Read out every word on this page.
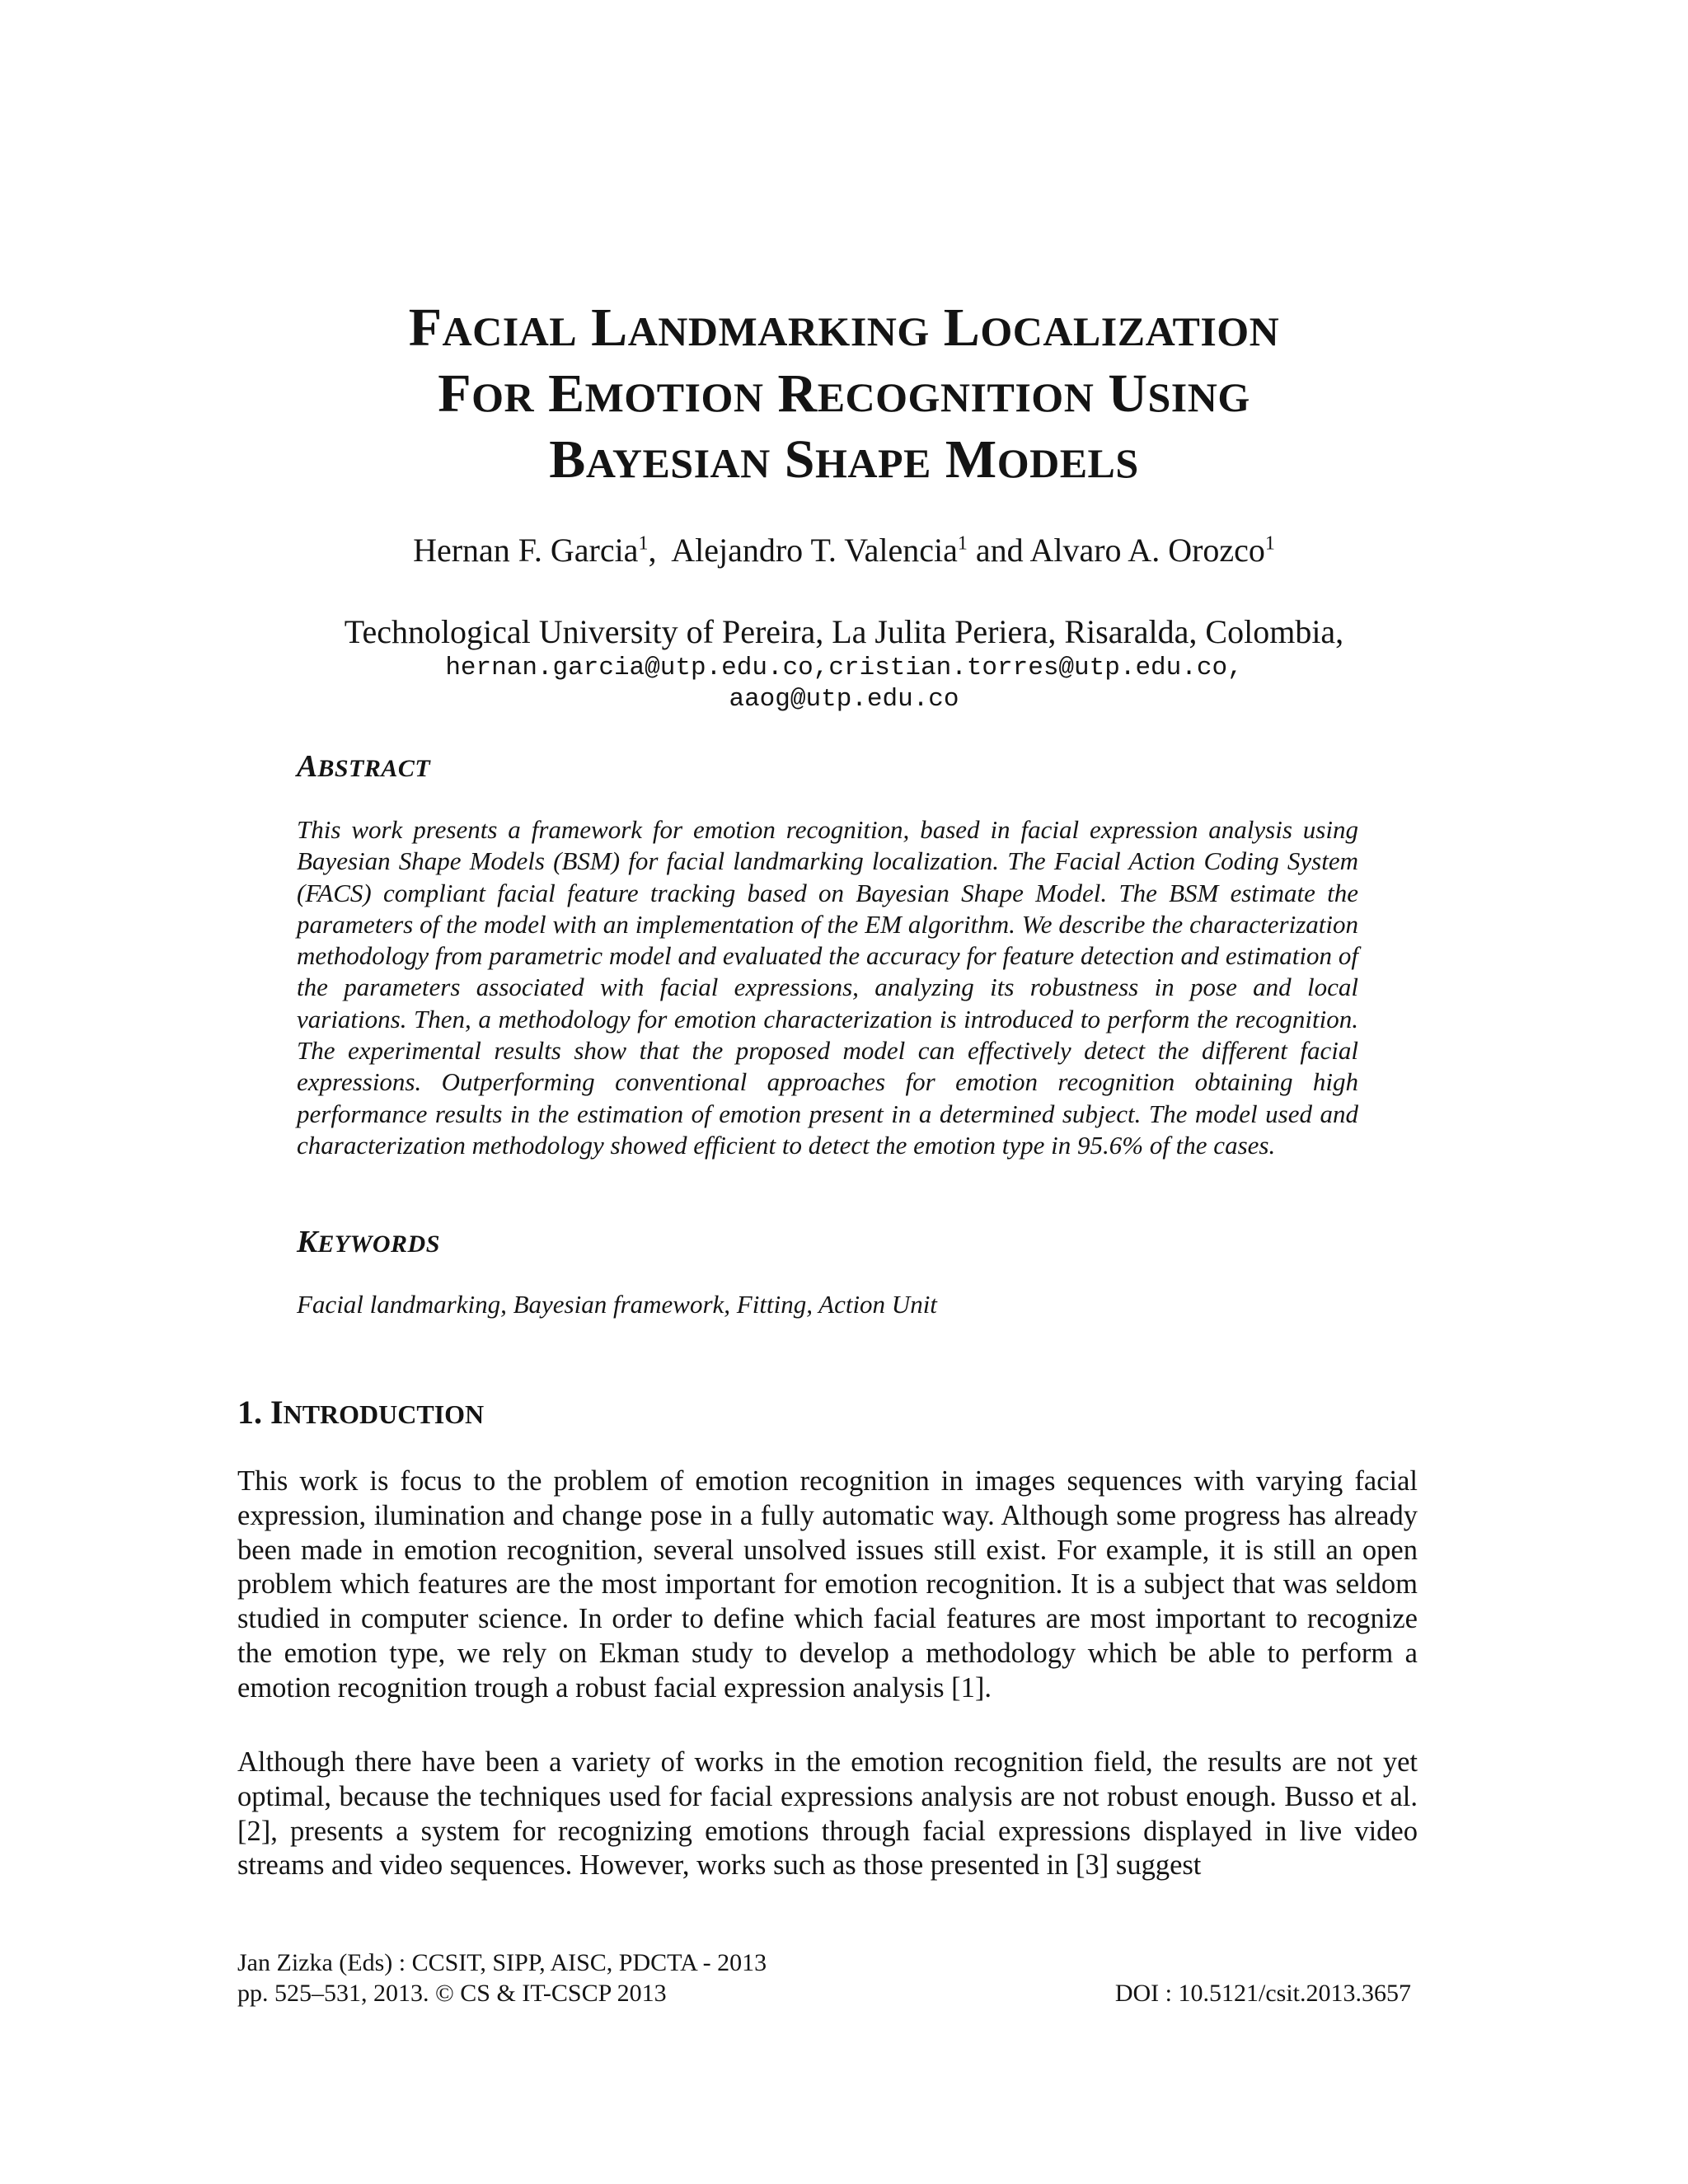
FACIAL LANDMARKING LOCALIZATION
FOR EMOTION RECOGNITION USING
BAYESIAN SHAPE MODELS
Hernan F. Garcia$^1$,  Alejandro T. Valencia$^1$ and Alvaro A. Orozco$^1$
Technological University of Pereira, La Julita Periera, Risaralda, Colombia,
hernan.garcia@utp.edu.co,cristian.torres@utp.edu.co,
aaog@utp.edu.co
ABSTRACT
This work presents a framework for emotion recognition, based in facial expression analysis using Bayesian Shape Models (BSM) for facial landmarking localization. The Facial Action Coding System (FACS) compliant facial feature tracking based on Bayesian Shape Model. The BSM estimate the parameters of the model with an implementation of the EM algorithm. We describe the characterization methodology from parametric model and evaluated the accuracy for feature detection and estimation of the parameters associated with facial expressions, analyzing its robustness in pose and local variations. Then, a methodology for emotion characterization is introduced to perform the recognition. The experimental results show that the proposed model can effectively detect the different facial expressions. Outperforming conventional approaches for emotion recognition obtaining high performance results in the estimation of emotion present in a determined subject. The model used and characterization methodology showed efficient to detect the emotion type in 95.6% of the cases.
KEYWORDS
Facial landmarking, Bayesian framework, Fitting, Action Unit
1. INTRODUCTION
This work is focus to the problem of emotion recognition in images sequences with varying facial expression, ilumination and change pose in a fully automatic way. Although some progress has already been made in emotion recognition, several unsolved issues still exist. For example, it is still an open problem which features are the most important for emotion recognition. It is a subject that was seldom studied in computer science. In order to define which facial features are most important to recognize the emotion type, we rely on Ekman study to develop a methodology which be able to perform a emotion recognition trough a robust facial expression analysis [1].
Although there have been a variety of works in the emotion recognition field, the results are not yet optimal, because the techniques used for facial expressions analysis are not robust enough. Busso et al. [2], presents a system for recognizing emotions through facial expressions displayed in live video streams and video sequences. However, works such as those presented in [3] suggest
Jan Zizka (Eds) : CCSIT, SIPP, AISC, PDCTA - 2013
pp. 525–531, 2013. © CS & IT-CSCP 2013	DOI : 10.5121/csit.2013.3657
